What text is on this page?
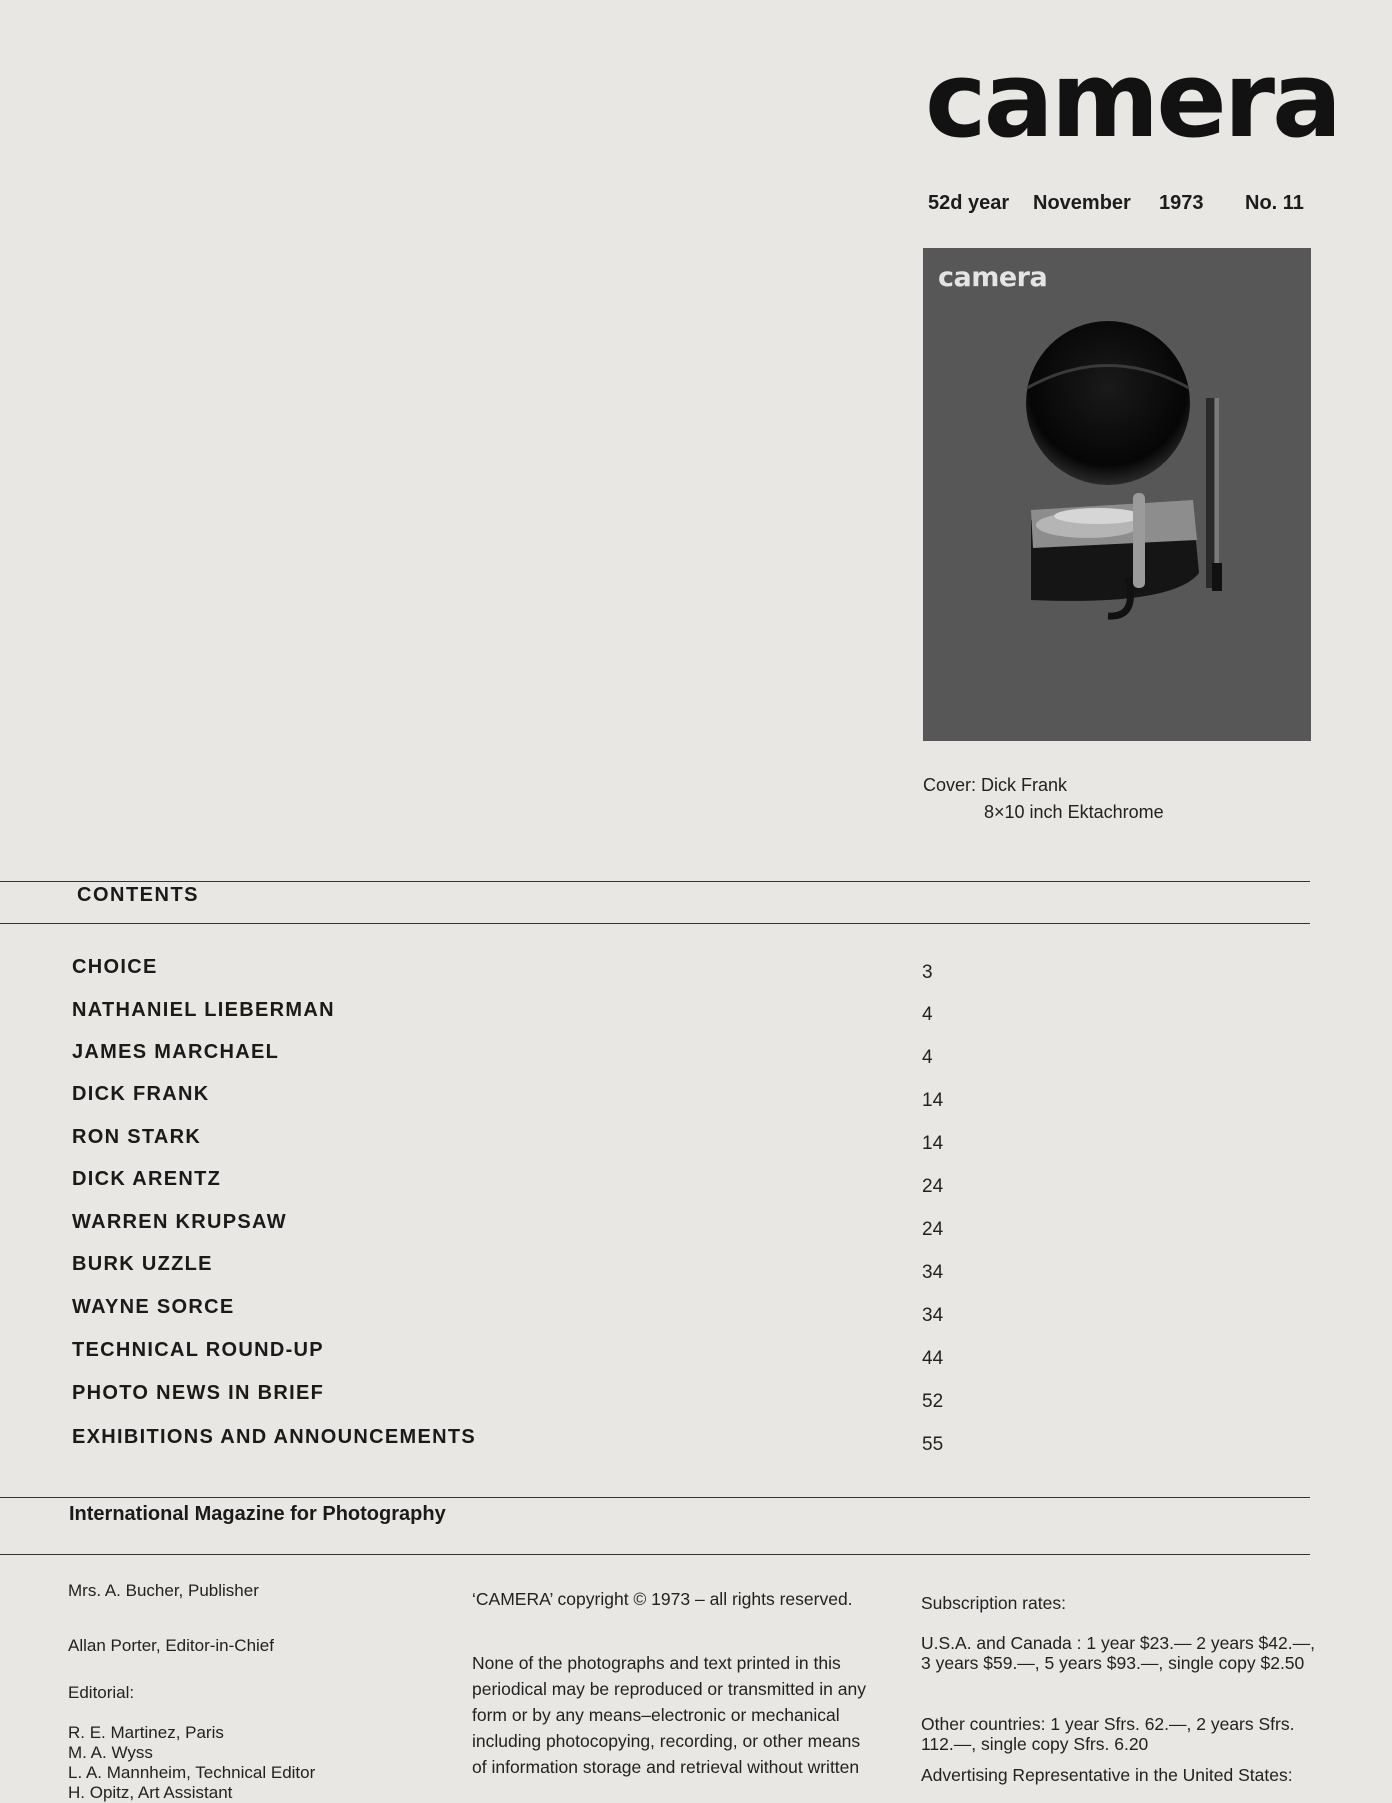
camera
52d year November 1973 No. 11
camera
Cover: Dick Frank
8×10 inch Ektachrome
CONTENTS
CHOICE	3
NATHANIEL LIEBERMAN	4
JAMES MARCHAEL	4
DICK FRANK	14
RON STARK	14
DICK ARENTZ	24
WARREN KRUPSAW	24
BURK UZZLE	34
WAYNE SORCE	34
TECHNICAL ROUND-UP	44
PHOTO NEWS IN BRIEF	52
EXHIBITIONS AND ANNOUNCEMENTS	55
International Magazine for Photography
Mrs. A. Bucher, Publisher
Allan Porter, Editor-in-Chief
Editorial:
R. E. Martinez, Paris
M. A. Wyss
L. A. Mannheim, Technical Editor
H. Opitz, Art Assistant
‘CAMERA’ copyright © 1973 – all rights reserved.
None of the photographs and text printed in this periodical may be reproduced or transmitted in any form or by any means–electronic or mechanical including photocopying, recording, or other means of information storage and retrieval without written
Subscription rates:
U.S.A. and Canada : 1 year $23.— 2 years $42.—, 3 years $59.—, 5 years $93.—, single copy $2.50
Other countries: 1 year Sfrs. 62.—, 2 years Sfrs. 112.—, single copy Sfrs. 6.20
Advertising Representative in the United States:
